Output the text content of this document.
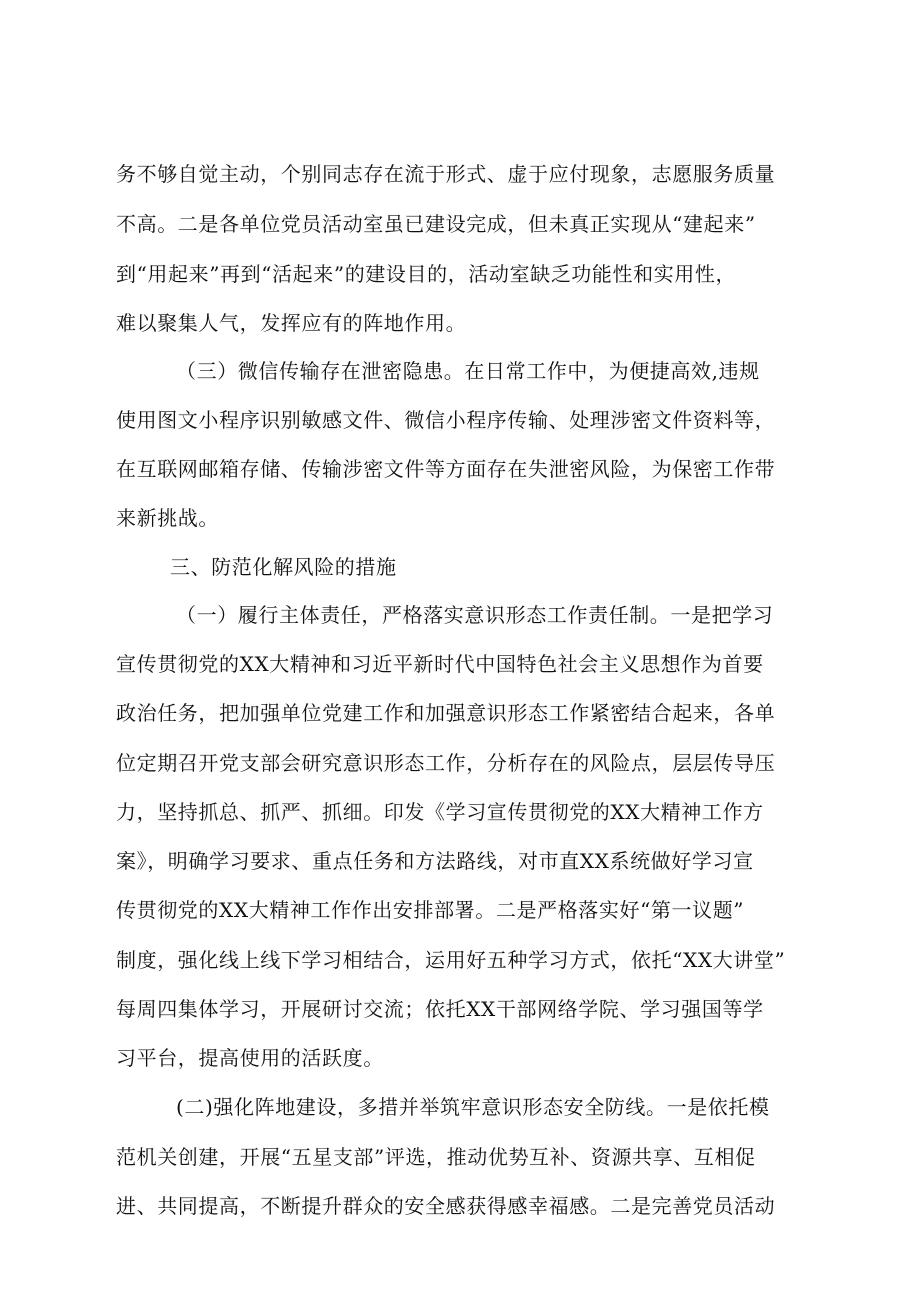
务不够自觉主动，个别同志存在流于形式、虚于应付现象，志愿服务质量
不高。二是各单位党员活动室虽已建设完成，但未真正实现从“建起来”
到“用起来”再到“活起来”的建设目的，活动室缺乏功能性和实用性，
难以聚集人气，发挥应有的阵地作用。
（三）微信传输存在泄密隐患。在日常工作中，为便捷高效,违规
使用图文小程序识别敏感文件、微信小程序传输、处理涉密文件资料等，
在互联网邮箱存储、传输涉密文件等方面存在失泄密风险，为保密工作带
来新挑战。
三、防范化解风险的措施
（一）履行主体责任，严格落实意识形态工作责任制。一是把学习
宣传贯彻党的XX大精神和习近平新时代中国特色社会主义思想作为首要
政治任务，把加强单位党建工作和加强意识形态工作紧密结合起来，各单
位定期召开党支部会研究意识形态工作，分析存在的风险点，层层传导压
力，坚持抓总、抓严、抓细。印发《学习宣传贯彻党的XX大精神工作方
案》，明确学习要求、重点任务和方法路线，对市直XX系统做好学习宣
传贯彻党的XX大精神工作作出安排部署。二是严格落实好“第一议题”
制度，强化线上线下学习相结合，运用好五种学习方式，依托“XX大讲堂”
每周四集体学习，开展研讨交流；依托XX干部网络学院、学习强国等学
习平台，提高使用的活跃度。
(二)强化阵地建设，多措并举筑牢意识形态安全防线。一是依托模
范机关创建，开展“五星支部”评选，推动优势互补、资源共享、互相促
进、共同提高，不断提升群众的安全感获得感幸福感。二是完善党员活动
